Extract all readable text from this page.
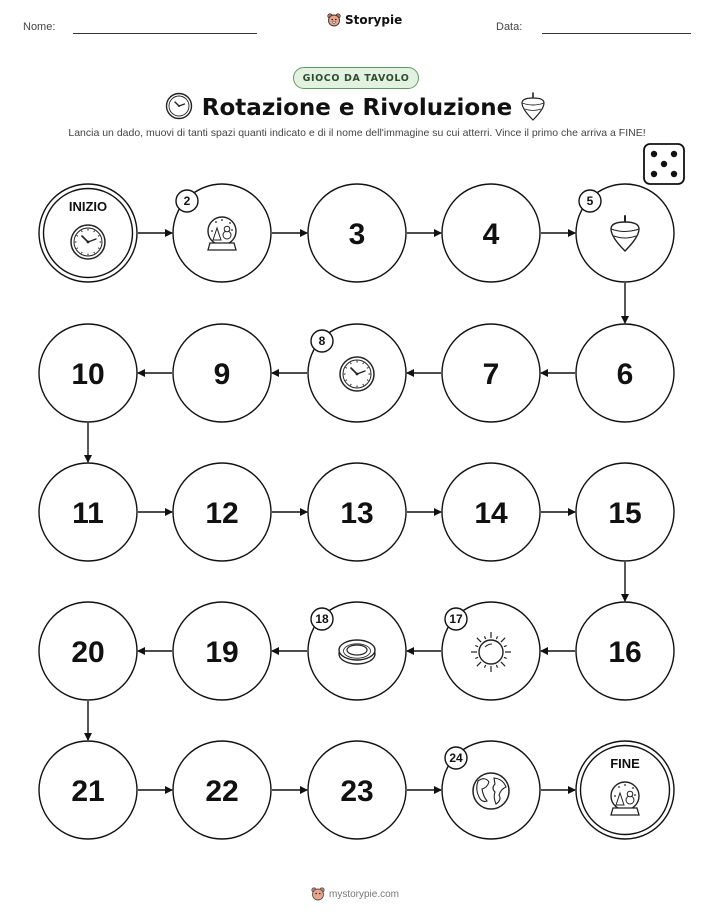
Nome:	Storypie	Data:
GIOCO DA TAVOLO
Rotazione e Rivoluzione
Lancia un dado, muovi di tanti spazi quanti indicato e di il nome dell'immagine su cui atterri. Vince il primo che arriva a FINE!
INIZIO	2
3	4
5
6
7
8
9
10
11	12	13	14	15
16
17
18
19
20
21	22	23
24	FINE
mystorypie.com
